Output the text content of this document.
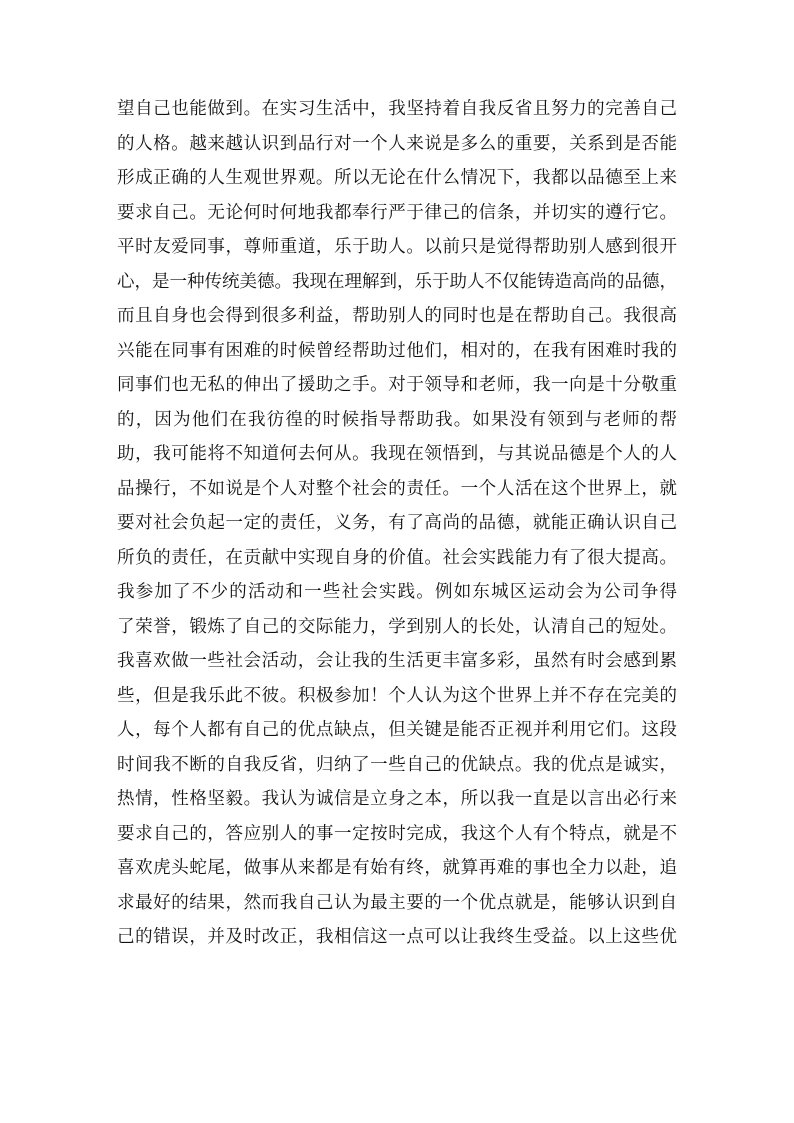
望自己也能做到。在实习生活中，我坚持着自我反省且努力的完善自己
的人格。越来越认识到品行对一个人来说是多么的重要，关系到是否能
形成正确的人生观世界观。所以无论在什么情况下，我都以品德至上来
要求自己。无论何时何地我都奉行严于律己的信条，并切实的遵行它。
平时友爱同事，尊师重道，乐于助人。以前只是觉得帮助别人感到很开
心，是一种传统美德。我现在理解到，乐于助人不仅能铸造高尚的品德，
而且自身也会得到很多利益，帮助别人的同时也是在帮助自己。我很高
兴能在同事有困难的时候曾经帮助过他们，相对的，在我有困难时我的
同事们也无私的伸出了援助之手。对于领导和老师，我一向是十分敬重
的，因为他们在我彷徨的时候指导帮助我。如果没有领到与老师的帮
助，我可能将不知道何去何从。我现在领悟到，与其说品德是个人的人
品操行，不如说是个人对整个社会的责任。一个人活在这个世界上，就
要对社会负起一定的责任，义务，有了高尚的品德，就能正确认识自己
所负的责任，在贡献中实现自身的价值。社会实践能力有了很大提高。
我参加了不少的活动和一些社会实践。例如东城区运动会为公司争得
了荣誉，锻炼了自己的交际能力，学到别人的长处，认清自己的短处。
我喜欢做一些社会活动，会让我的生活更丰富多彩，虽然有时会感到累
些，但是我乐此不彼。积极参加！个人认为这个世界上并不存在完美的
人，每个人都有自己的优点缺点，但关键是能否正视并利用它们。这段
时间我不断的自我反省，归纳了一些自己的优缺点。我的优点是诚实，
热情，性格坚毅。我认为诚信是立身之本，所以我一直是以言出必行来
要求自己的，答应别人的事一定按时完成，我这个人有个特点，就是不
喜欢虎头蛇尾，做事从来都是有始有终，就算再难的事也全力以赴，追
求最好的结果，然而我自己认为最主要的一个优点就是，能够认识到自
己的错误，并及时改正，我相信这一点可以让我终生受益。以上这些优
